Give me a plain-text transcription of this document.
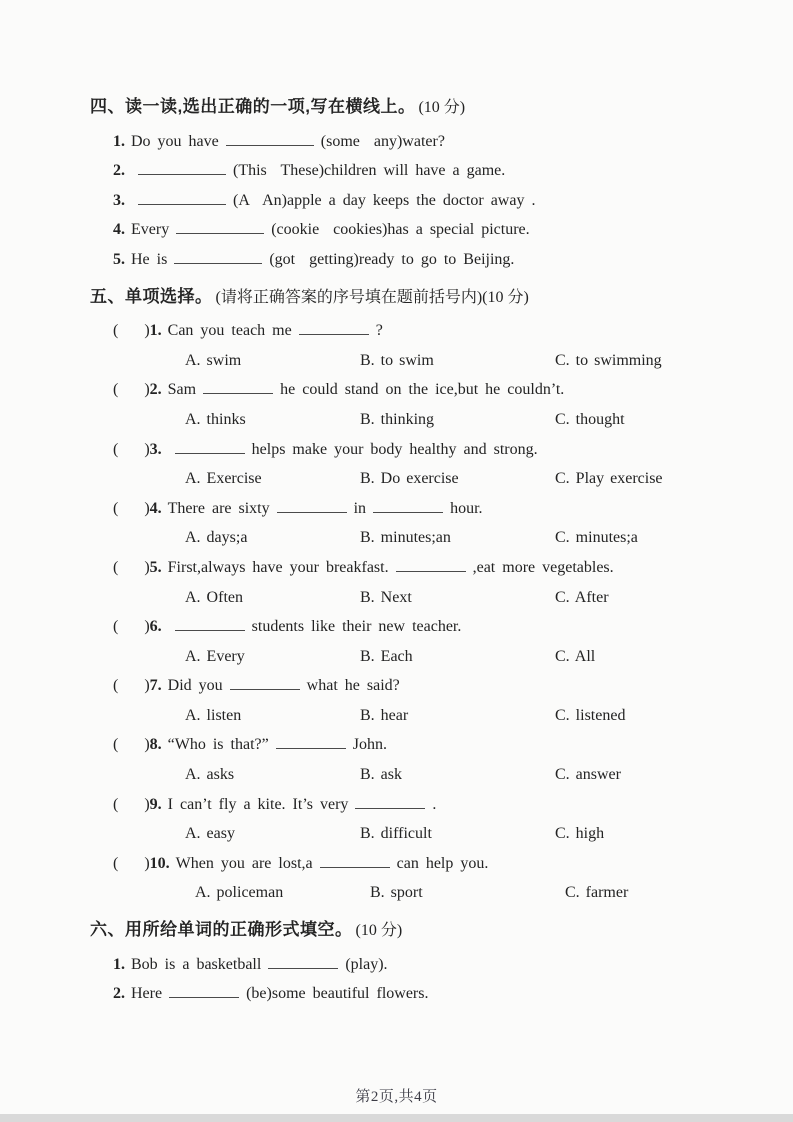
四、读一读,选出正确的一项,写在横线上。 (10 分)
1. Do you have	(some  any)water?
2.	(This  These)children will have a game.
3.	(A  An)apple a day keeps the doctor away .
4. Every	(cookie  cookies)has a special picture.
5. He is	(got  getting)ready to go to Beijing.
五、单项选择。 (请将正确答案的序号填在题前括号内)(10 分)
( )1. Can you teach me	?
A. swim	B. to swim	C. to swimming
( )2. Sam	he could stand on the ice,but he couldn’t.
A. thinks	B. thinking	C. thought
( )3.	helps make your body healthy and strong.
A. Exercise	B. Do exercise	C. Play exercise
( )4. There are sixty	in	hour.
A. days;a	B. minutes;an	C. minutes;a
( )5. First,always have your breakfast.	,eat more vegetables.
A. Often	B. Next	C. After
( )6.	students like their new teacher.
A. Every	B. Each	C. All
( )7. Did you	what he said?
A. listen	B. hear	C. listened
( )8. “Who is that?”	John.
A. asks	B. ask	C. answer
( )9. I can’t fly a kite. It’s very	.
A. easy	B. difficult	C. high
( )10. When you are lost,a	can help you.
A. policeman	B. sport	C. farmer
六、用所给单词的正确形式填空。 (10 分)
1. Bob is a basketball	(play).
2. Here	(be)some beautiful flowers.
第2页,共4页
